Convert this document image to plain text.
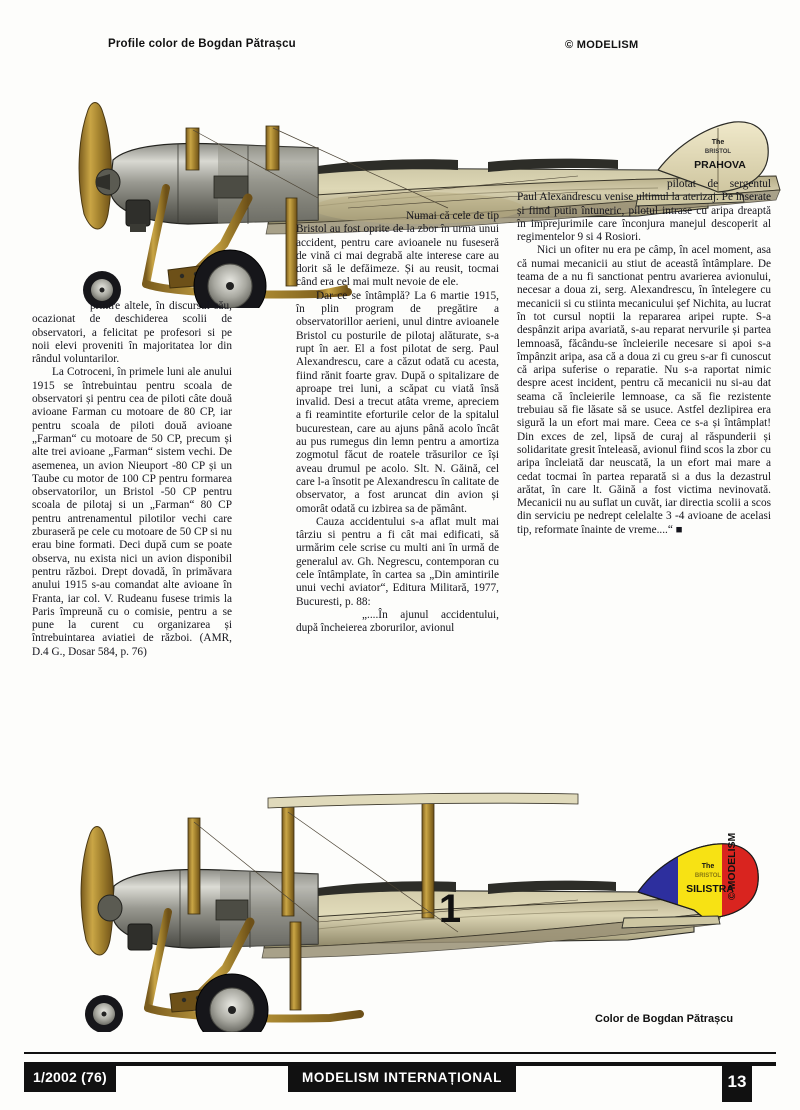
Profile color de Bogdan Pătrașcu	© MODELISM
The
BRISTOL
PRAHOVA
The
BRISTOL
SILISTRA
1
© MODELISM
Color de Bogdan Pătrașcu

printre altele, în discursul său, ocazionat de deschiderea scolii de observatori, a felicitat pe profesori si pe noii elevi proveniti în majoritatea lor din rândul voluntarilor.

La Cotroceni, în primele luni ale anului 1915 se întrebuintau pentru scoala de observatori și pentru cea de piloti câte două avioane Farman cu motoare de 80 CP, iar pentru scoala de piloti două avioane „Farman“ cu motoare de 50 CP, precum și alte trei avioane „Farman“ sistem vechi. De asemenea, un avion Nieuport -80 CP și un Taube cu motor de 100 CP pentru formarea observatorilor, un Bristol -50 CP pentru scoala de pilotaj si un „Farman“ 80 CP pentru antrenamentul pilotilor vechi care zburaseră pe cele cu motoare de 50 CP si nu erau bine formati. Deci după cum se poate observa, nu exista nici un avion disponibil pentru război. Drept dovadă, în primăvara anului 1915 s-au comandat alte avioane în Franta, iar col. V. Rudeanu fusese trimis la Paris împreună cu o comisie, pentru a se pune la curent cu organizarea și întrebuintarea aviatiei de război. (AMR, D.4 G., Dosar 584, p. 76)

Numai că cele de tip Bristol au fost oprite de la zbor în urma unui accident, pentru care avioanele nu fuseseră de vină ci mai degrabă alte interese care au dorit să le defăimeze. Și au reusit, tocmai când era cel mai mult nevoie de ele.

Dar ce se întâmplă? La 6 martie 1915, în plin program de pregătire a observatorillor aerieni, unul dintre avioanele Bristol cu posturile de pilotaj alăturate, s-a rupt în aer. El a fost pilotat de serg. Paul Alexandrescu, care a căzut odată cu acesta, fiind rănit foarte grav. După o spitalizare de aproape trei luni, a scăpat cu viată însă invalid. Desi a trecut atâta vreme, apreciem a fi reamintite eforturile celor de la spitalul bucurestean, care au ajuns până acolo încât au pus rumegus din lemn pentru a amortiza zogmotul făcut de roatele trăsurilor ce își aveau drumul pe acolo. Slt. N. Găină, cel care l-a însotit pe Alexandrescu în calitate de observator, a fost aruncat din avion și omorât odată cu izbirea sa de pământ.

Cauza accidentului s-a aflat mult mai târziu si pentru a fi cât mai edificati, să urmărim cele scrise cu multi ani în urmă de generalul av. Gh. Negrescu, contemporan cu cele întâmplate, în cartea sa „Din amintirile unui vechi aviator“, Editura Militară, 1977, Bucuresti, p. 88:

„....În ajunul accidentului, după încheierea zborurilor, avionul

pilotat de sergentul Paul Alexandrescu venise ultimul la aterizaj. Pe înserate și fiind putin întuneric, pilotul intrase cu aripa dreaptă în imprejurimile care înconjura manejul descoperit al regimentelor 9 si 4 Rosiori.

Nici un ofiter nu era pe câmp, în acel moment, asa că numai mecanicii au stiut de această întâmplare. De teama de a nu fi sanctionat pentru avarierea avionului, necesar a doua zi, serg. Alexandrescu, în întelegere cu mecanicii si cu stiinta mecanicului șef Nichita, au lucrat în tot cursul noptii la repararea aripei rupte. S-a despânzit aripa avariată, s-au reparat nervurile și partea lemnoasă, făcându-se încleierile necesare si apoi s-a împânzit aripa, asa că a doua zi cu greu s-ar fi cunoscut că aripa suferise o reparatie. Nu s-a raportat nimic despre acest incident, pentru că mecanicii nu si-au dat seama că încleierile lemnoase, ca să fie rezistente trebuiau să fie lăsate să se usuce. Astfel dezlipirea era sigură la un efort mai mare. Ceea ce s-a și întâmplat! Din exces de zel, lipsă de curaj al răspunderii și solidaritate gresit înteleasă, avionul fiind scos la zbor cu aripa încleiată dar neuscată, la un efort mai mare a cedat tocmai în partea reparată si a dus la dezastrul arătat, în care lt. Găină a fost victima nevinovată. Mecanicii nu au suflat un cuvăt, iar directia scolii a scos din serviciu pe nedrept celelalte 3 -4 avioane de acelasi tip, reformate înainte de vreme....“ ■

1/2002 (76)	MODELISM INTERNAȚIONAL	13
